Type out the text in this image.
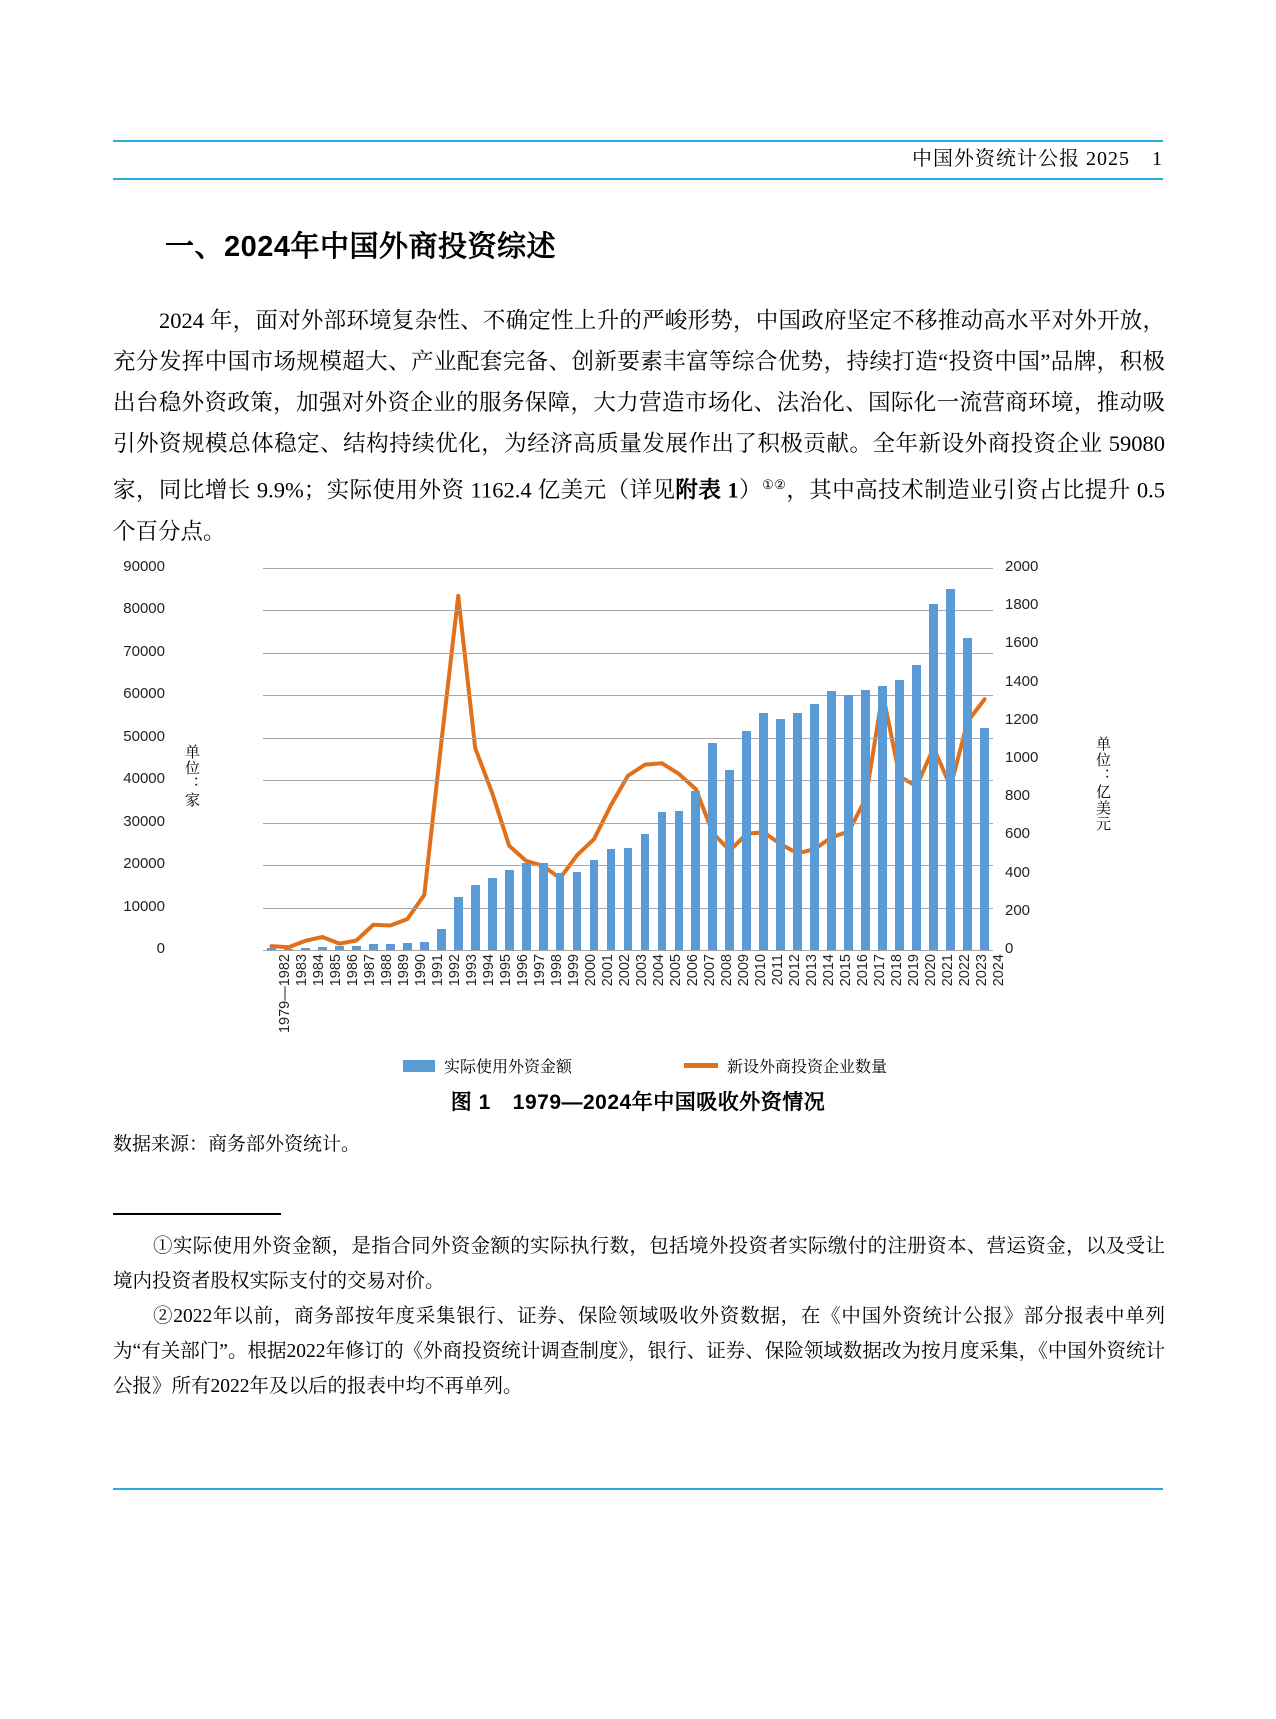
中国外资统计公报 2025 1
一、2024年中国外商投资综述
2024 年，面对外部环境复杂性、不确定性上升的严峻形势，中国政府坚定不移推动高水平对外开放，充分发挥中国市场规模超大、产业配套完备、创新要素丰富等综合优势，持续打造“投资中国”品牌，积极出台稳外资政策，加强对外资企业的服务保障，大力营造市场化、法治化、国际化一流营商环境，推动吸引外资规模总体稳定、结构持续优化，为经济高质量发展作出了积极贡献。全年新设外商投资企业 59080 家，同比增长 9.9%；实际使用外资 1162.4 亿美元（详见附表 1）①②，其中高技术制造业引资占比提升 0.5 个百分点。
单位：家	单位：亿美元
1979—1982 1983 1984 1985 1986 1987 1988 1989 1990 1991 1992 1993 1994 1995 1996 1997 1998 1999 2000 2001 2002 2003 2004 2005 2006 2007 2008 2009 2010 2011 2012 2013 2014 2015 2016 2017 2018 2019 2020 2021 2022 2023 2024
实际使用外资金额	新设外商投资企业数量
0
10000
20000
30000
40000
50000
60000
70000
80000
90000
0
200
400
600
800
1000
1200
1400
1600
1800
2000
图 1 1979—2024年中国吸收外资情况
数据来源：商务部外资统计。

①实际使用外资金额，是指合同外资金额的实际执行数，包括境外投资者实际缴付的注册资本、营运资金，以及受让境内投资者股权实际支付的交易对价。

②2022年以前，商务部按年度采集银行、证券、保险领域吸收外资数据，在《中国外资统计公报》部分报表中单列为“有关部门”。根据2022年修订的《外商投资统计调查制度》，银行、证券、保险领域数据改为按月度采集，《中国外资统计公报》所有2022年及以后的报表中均不再单列。
